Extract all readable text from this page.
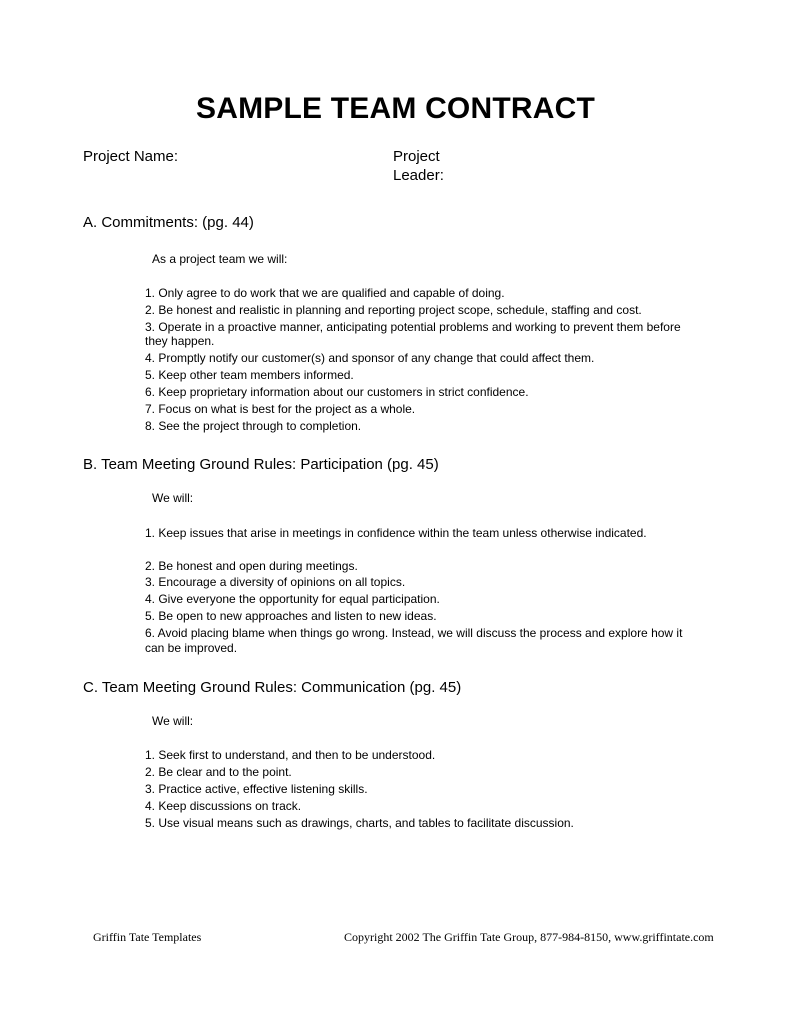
SAMPLE TEAM CONTRACT
Project Name:	Project Leader:
A. Commitments: (pg. 44)
As a project team we will:
1. Only agree to do work that we are qualified and capable of doing.
2. Be honest and realistic in planning and reporting project scope, schedule, staffing and cost.
3. Operate in a proactive manner, anticipating potential problems and working to prevent them before they happen.
4. Promptly notify our customer(s) and sponsor of any change that could affect them.
5. Keep other team members informed.
6. Keep proprietary information about our customers in strict confidence.
7. Focus on what is best for the project as a whole.
8. See the project through to completion.
B. Team Meeting Ground Rules: Participation (pg. 45)
We will:
1. Keep issues that arise in meetings in confidence within the team unless otherwise indicated.
2. Be honest and open during meetings.
3. Encourage a diversity of opinions on all topics.
4. Give everyone the opportunity for equal participation.
5. Be open to new approaches and listen to new ideas.
6. Avoid placing blame when things go wrong. Instead, we will discuss the process and explore how it can be improved.
C. Team Meeting Ground Rules: Communication (pg. 45)
We will:
1. Seek first to understand, and then to be understood.
2. Be clear and to the point.
3. Practice active, effective listening skills.
4. Keep discussions on track.
5. Use visual means such as drawings, charts, and tables to facilitate discussion.
Griffin Tate Templates	Copyright 2002 The Griffin Tate Group, 877-984-8150, www.griffintate.com
